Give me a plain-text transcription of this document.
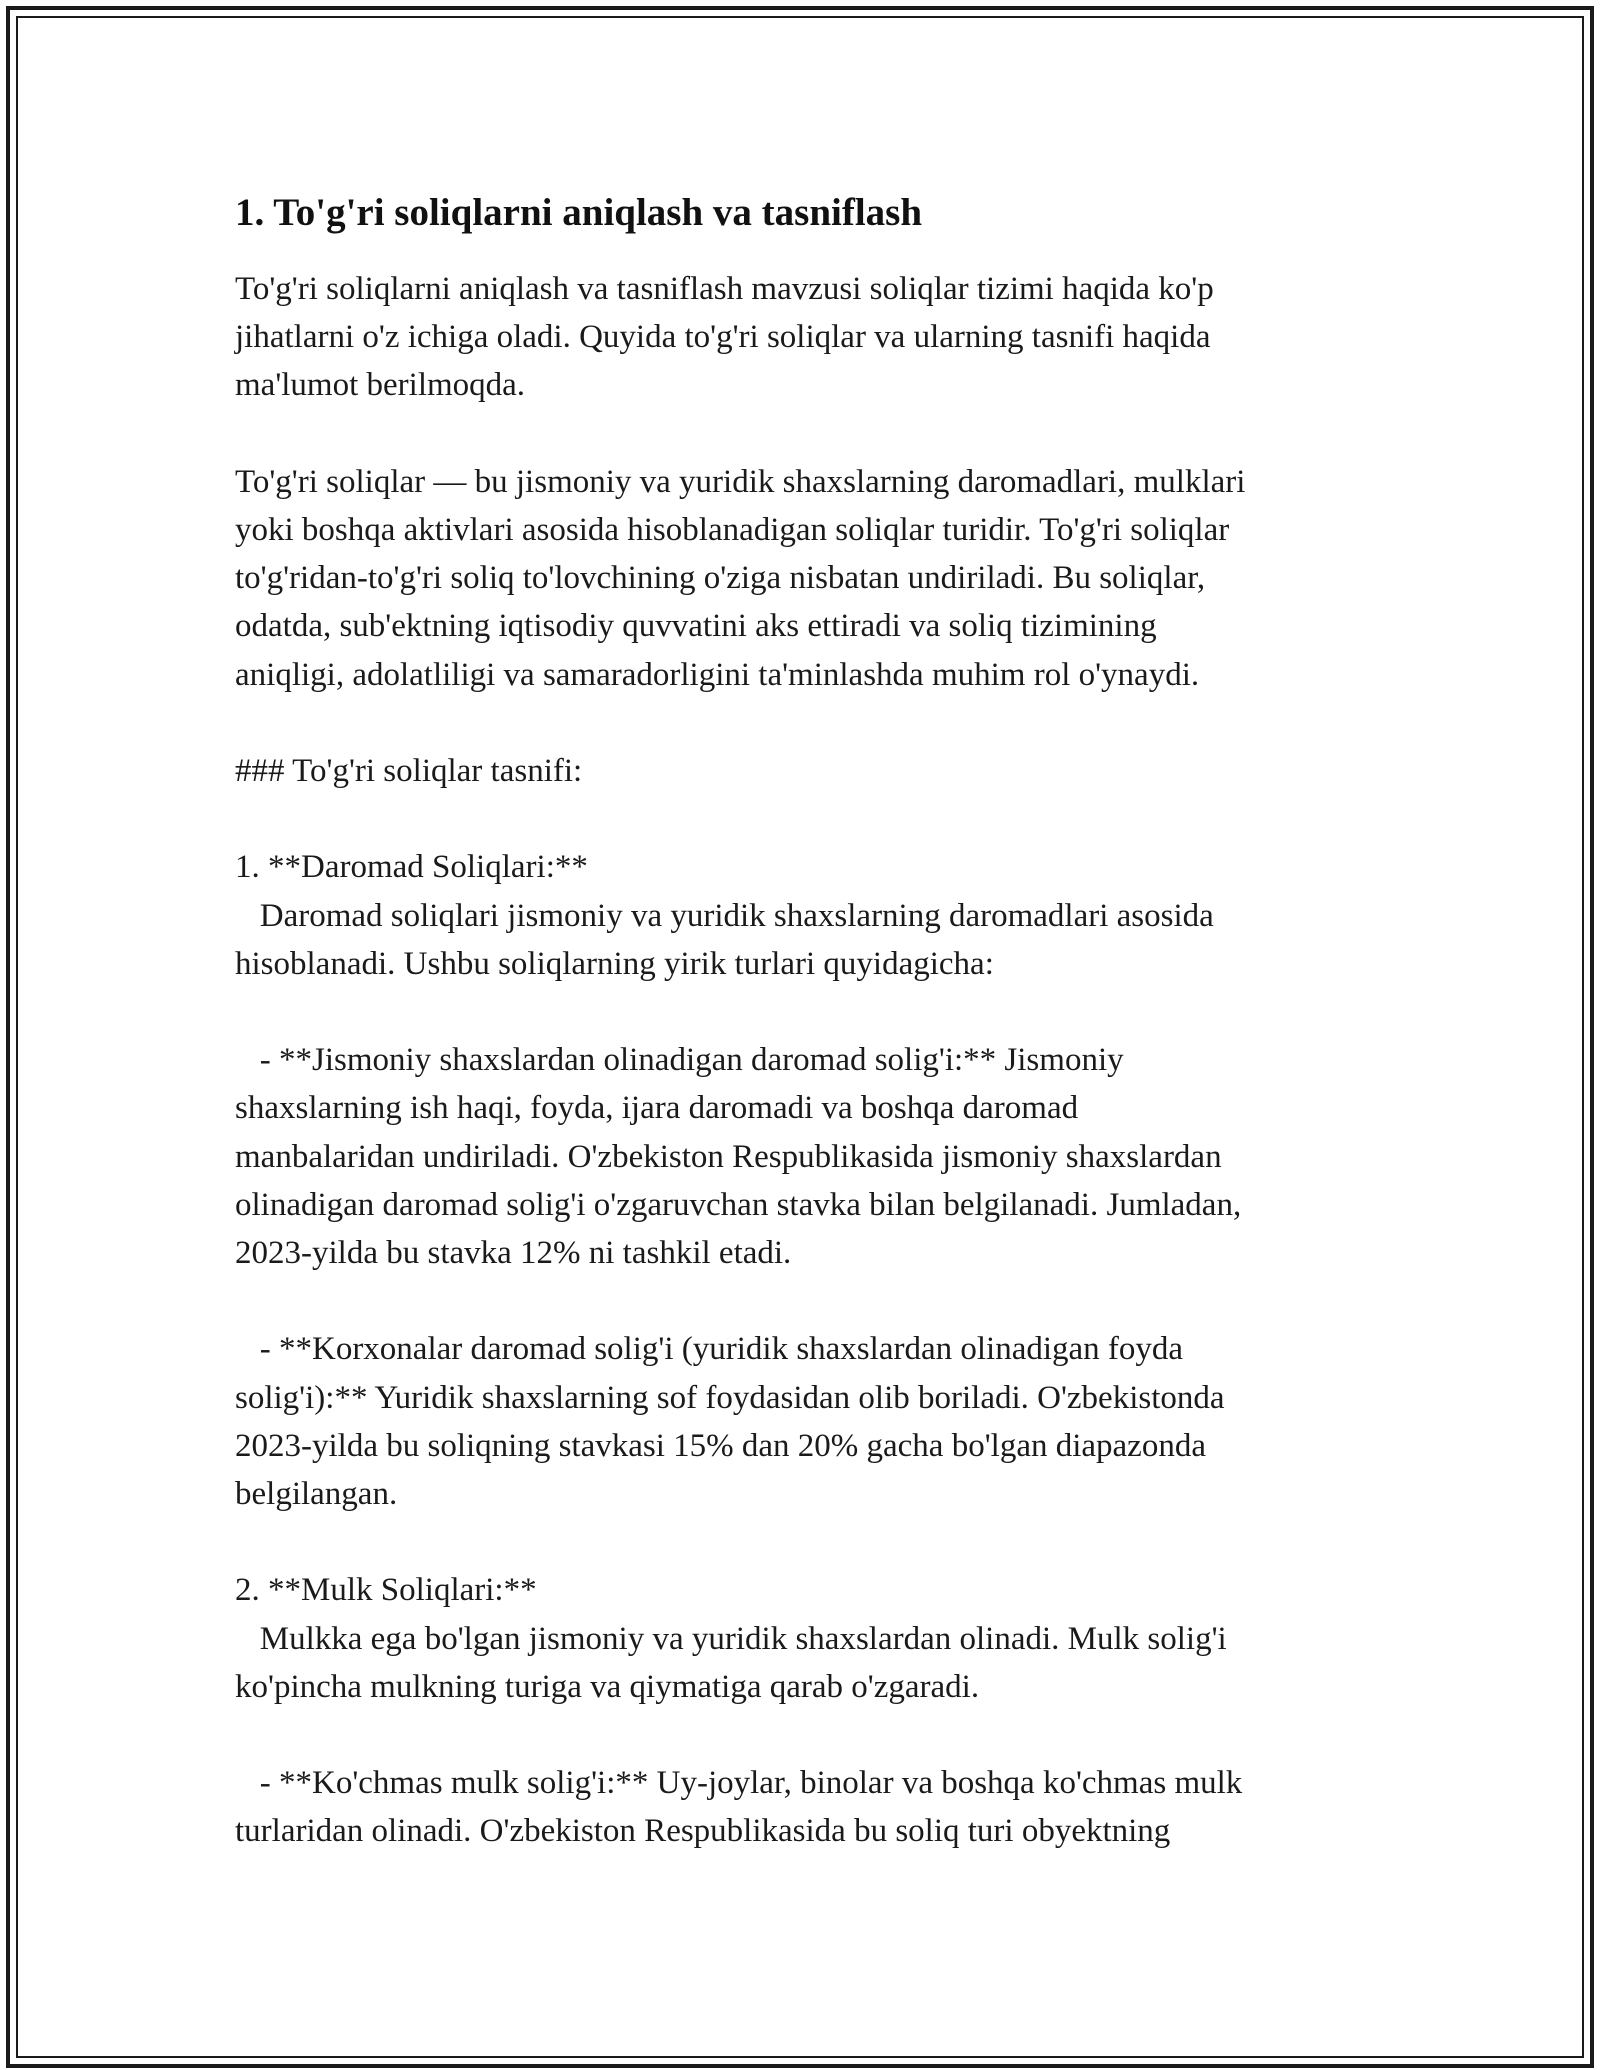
1. To'g'ri soliqlarni aniqlash va tasniflash
To'g'ri soliqlarni aniqlash va tasniflash mavzusi soliqlar tizimi haqida ko'p
jihatlarni o'z ichiga oladi. Quyida to'g'ri soliqlar va ularning tasnifi haqida
ma'lumot berilmoqda.
To'g'ri soliqlar — bu jismoniy va yuridik shaxslarning daromadlari, mulklari
yoki boshqa aktivlari asosida hisoblanadigan soliqlar turidir. To'g'ri soliqlar
to'g'ridan-to'g'ri soliq to'lovchining o'ziga nisbatan undiriladi. Bu soliqlar,
odatda, sub'ektning iqtisodiy quvvatini aks ettiradi va soliq tizimining
aniqligi, adolatliligi va samaradorligini ta'minlashda muhim rol o'ynaydi.
### To'g'ri soliqlar tasnifi:
1. **Daromad Soliqlari:**
Daromad soliqlari jismoniy va yuridik shaxslarning daromadlari asosida
hisoblanadi. Ushbu soliqlarning yirik turlari quyidagicha:
- **Jismoniy shaxslardan olinadigan daromad solig'i:** Jismoniy
shaxslarning ish haqi, foyda, ijara daromadi va boshqa daromad
manbalaridan undiriladi. O'zbekiston Respublikasida jismoniy shaxslardan
olinadigan daromad solig'i o'zgaruvchan stavka bilan belgilanadi. Jumladan,
2023-yilda bu stavka 12% ni tashkil etadi.
- **Korxonalar daromad solig'i (yuridik shaxslardan olinadigan foyda
solig'i):** Yuridik shaxslarning sof foydasidan olib boriladi. O'zbekistonda
2023-yilda bu soliqning stavkasi 15% dan 20% gacha bo'lgan diapazonda
belgilangan.
2. **Mulk Soliqlari:**
Mulkka ega bo'lgan jismoniy va yuridik shaxslardan olinadi. Mulk solig'i
ko'pincha mulkning turiga va qiymatiga qarab o'zgaradi.
- **Ko'chmas mulk solig'i:** Uy-joylar, binolar va boshqa ko'chmas mulk
turlaridan olinadi. O'zbekiston Respublikasida bu soliq turi obyektning
